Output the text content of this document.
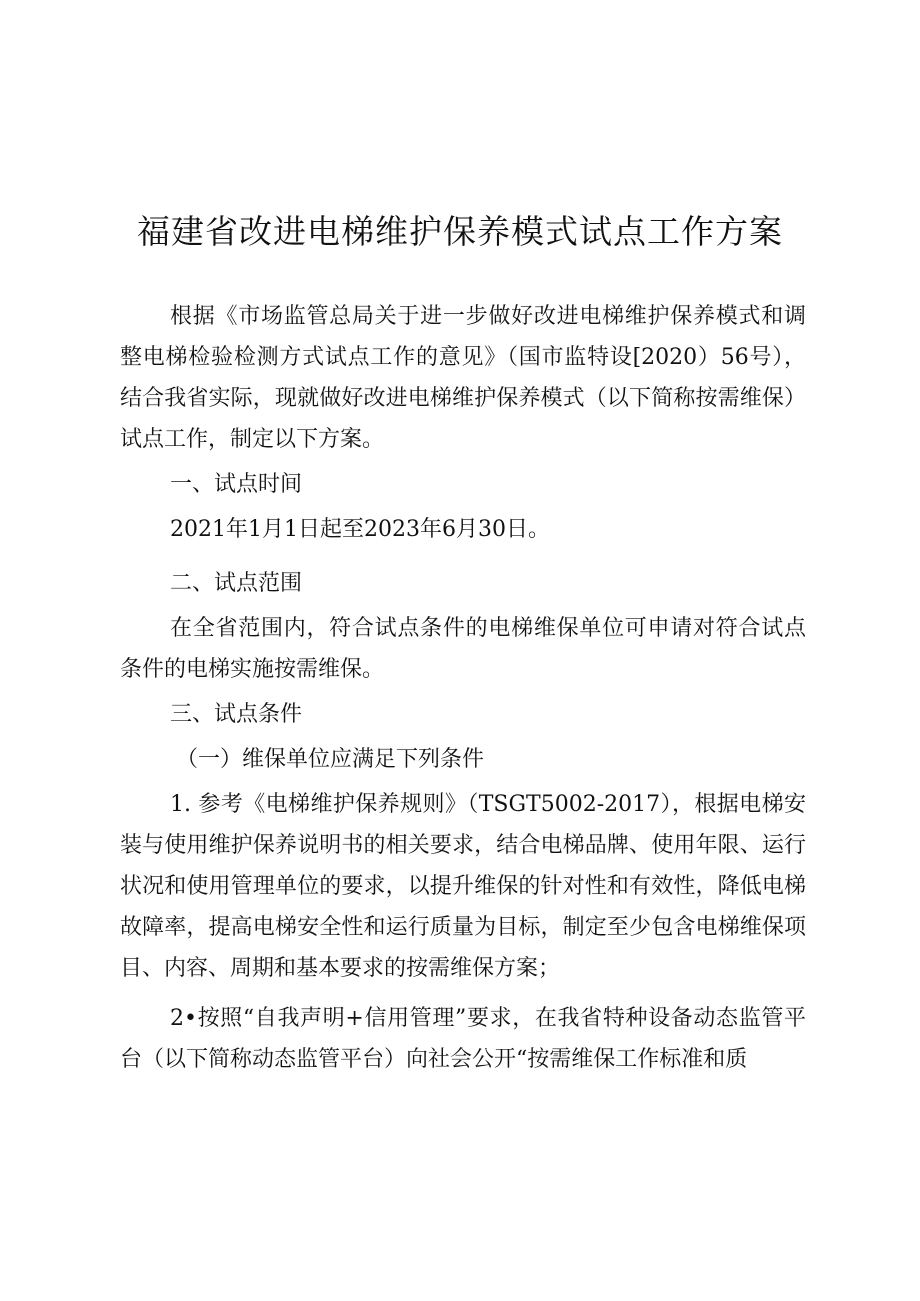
福建省改进电梯维护保养模式试点工作方案

根据《市场监管总局关于进一步做好改进电梯维护保养模式和调整电梯检验检测方式试点工作的意见》（国市监特设[2020）56号），结合我省实际，现就做好改进电梯维护保养模式（以下简称按需维保）试点工作，制定以下方案。

一、试点时间

2021年1月1日起至2023年6月30日。

二、试点范围

在全省范围内，符合试点条件的电梯维保单位可申请对符合试点条件的电梯实施按需维保。

三、试点条件

（一）维保单位应满足下列条件

1. 参考《电梯维护保养规则》（TSGT5002-2017），根据电梯安装与使用维护保养说明书的相关要求，结合电梯品牌、使用年限、运行状况和使用管理单位的要求，以提升维保的针对性和有效性，降低电梯故障率，提高电梯安全性和运行质量为目标，制定至少包含电梯维保项目、内容、周期和基本要求的按需维保方案；

2•按照“自我声明+信用管理”要求，在我省特种设备动态监管平台（以下简称动态监管平台）向社会公开“按需维保工作标准和质
